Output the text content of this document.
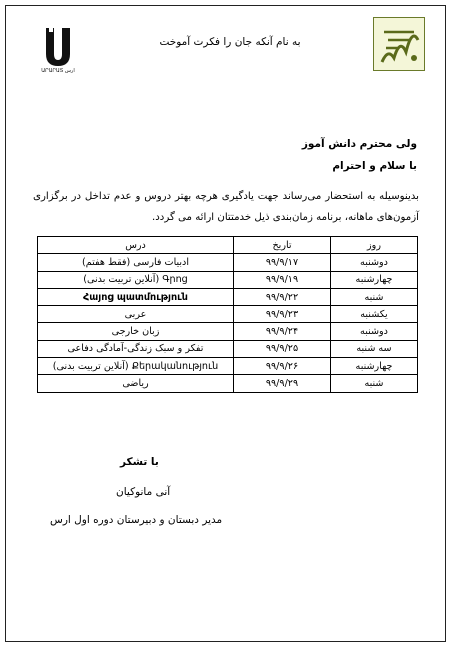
ԱՐԱՐԱՏ ارس
به نام آنکه جان را فکرت آموخت
ولی محترم دانش آموز
با سلام و احترام
بدینوسیله به استحضار می‌رساند جهت یادگیری هرچه بهتر دروس و عدم تداخل در برگزاری آزمون‌های ماهانه، برنامه زمان‌بندی ذیل خدمتتان ارائه می گردد.
روز	تاریخ	درس
دوشنبه	۹۹/۹/۱۷	ادبیات فارسی (فقط هفتم)
چهارشنبه	۹۹/۹/۱۹	Գրոց (آنلاین تربیت بدنی)
شنبه	۹۹/۹/۲۲	Հայոց պատմություն
یکشنبه	۹۹/۹/۲۳	عربی
دوشنبه	۹۹/۹/۲۴	زبان خارجی
سه شنبه	۹۹/۹/۲۵	تفکر و سبک زندگی-آمادگی دفاعی
چهارشنبه	۹۹/۹/۲۶	Քերականություն (آنلاین تربیت بدنی)
شنبه	۹۹/۹/۲۹	ریاضی
با تشکر
آنی مانوکیان
مدیر دبستان و دبیرستان دوره اول ارس
